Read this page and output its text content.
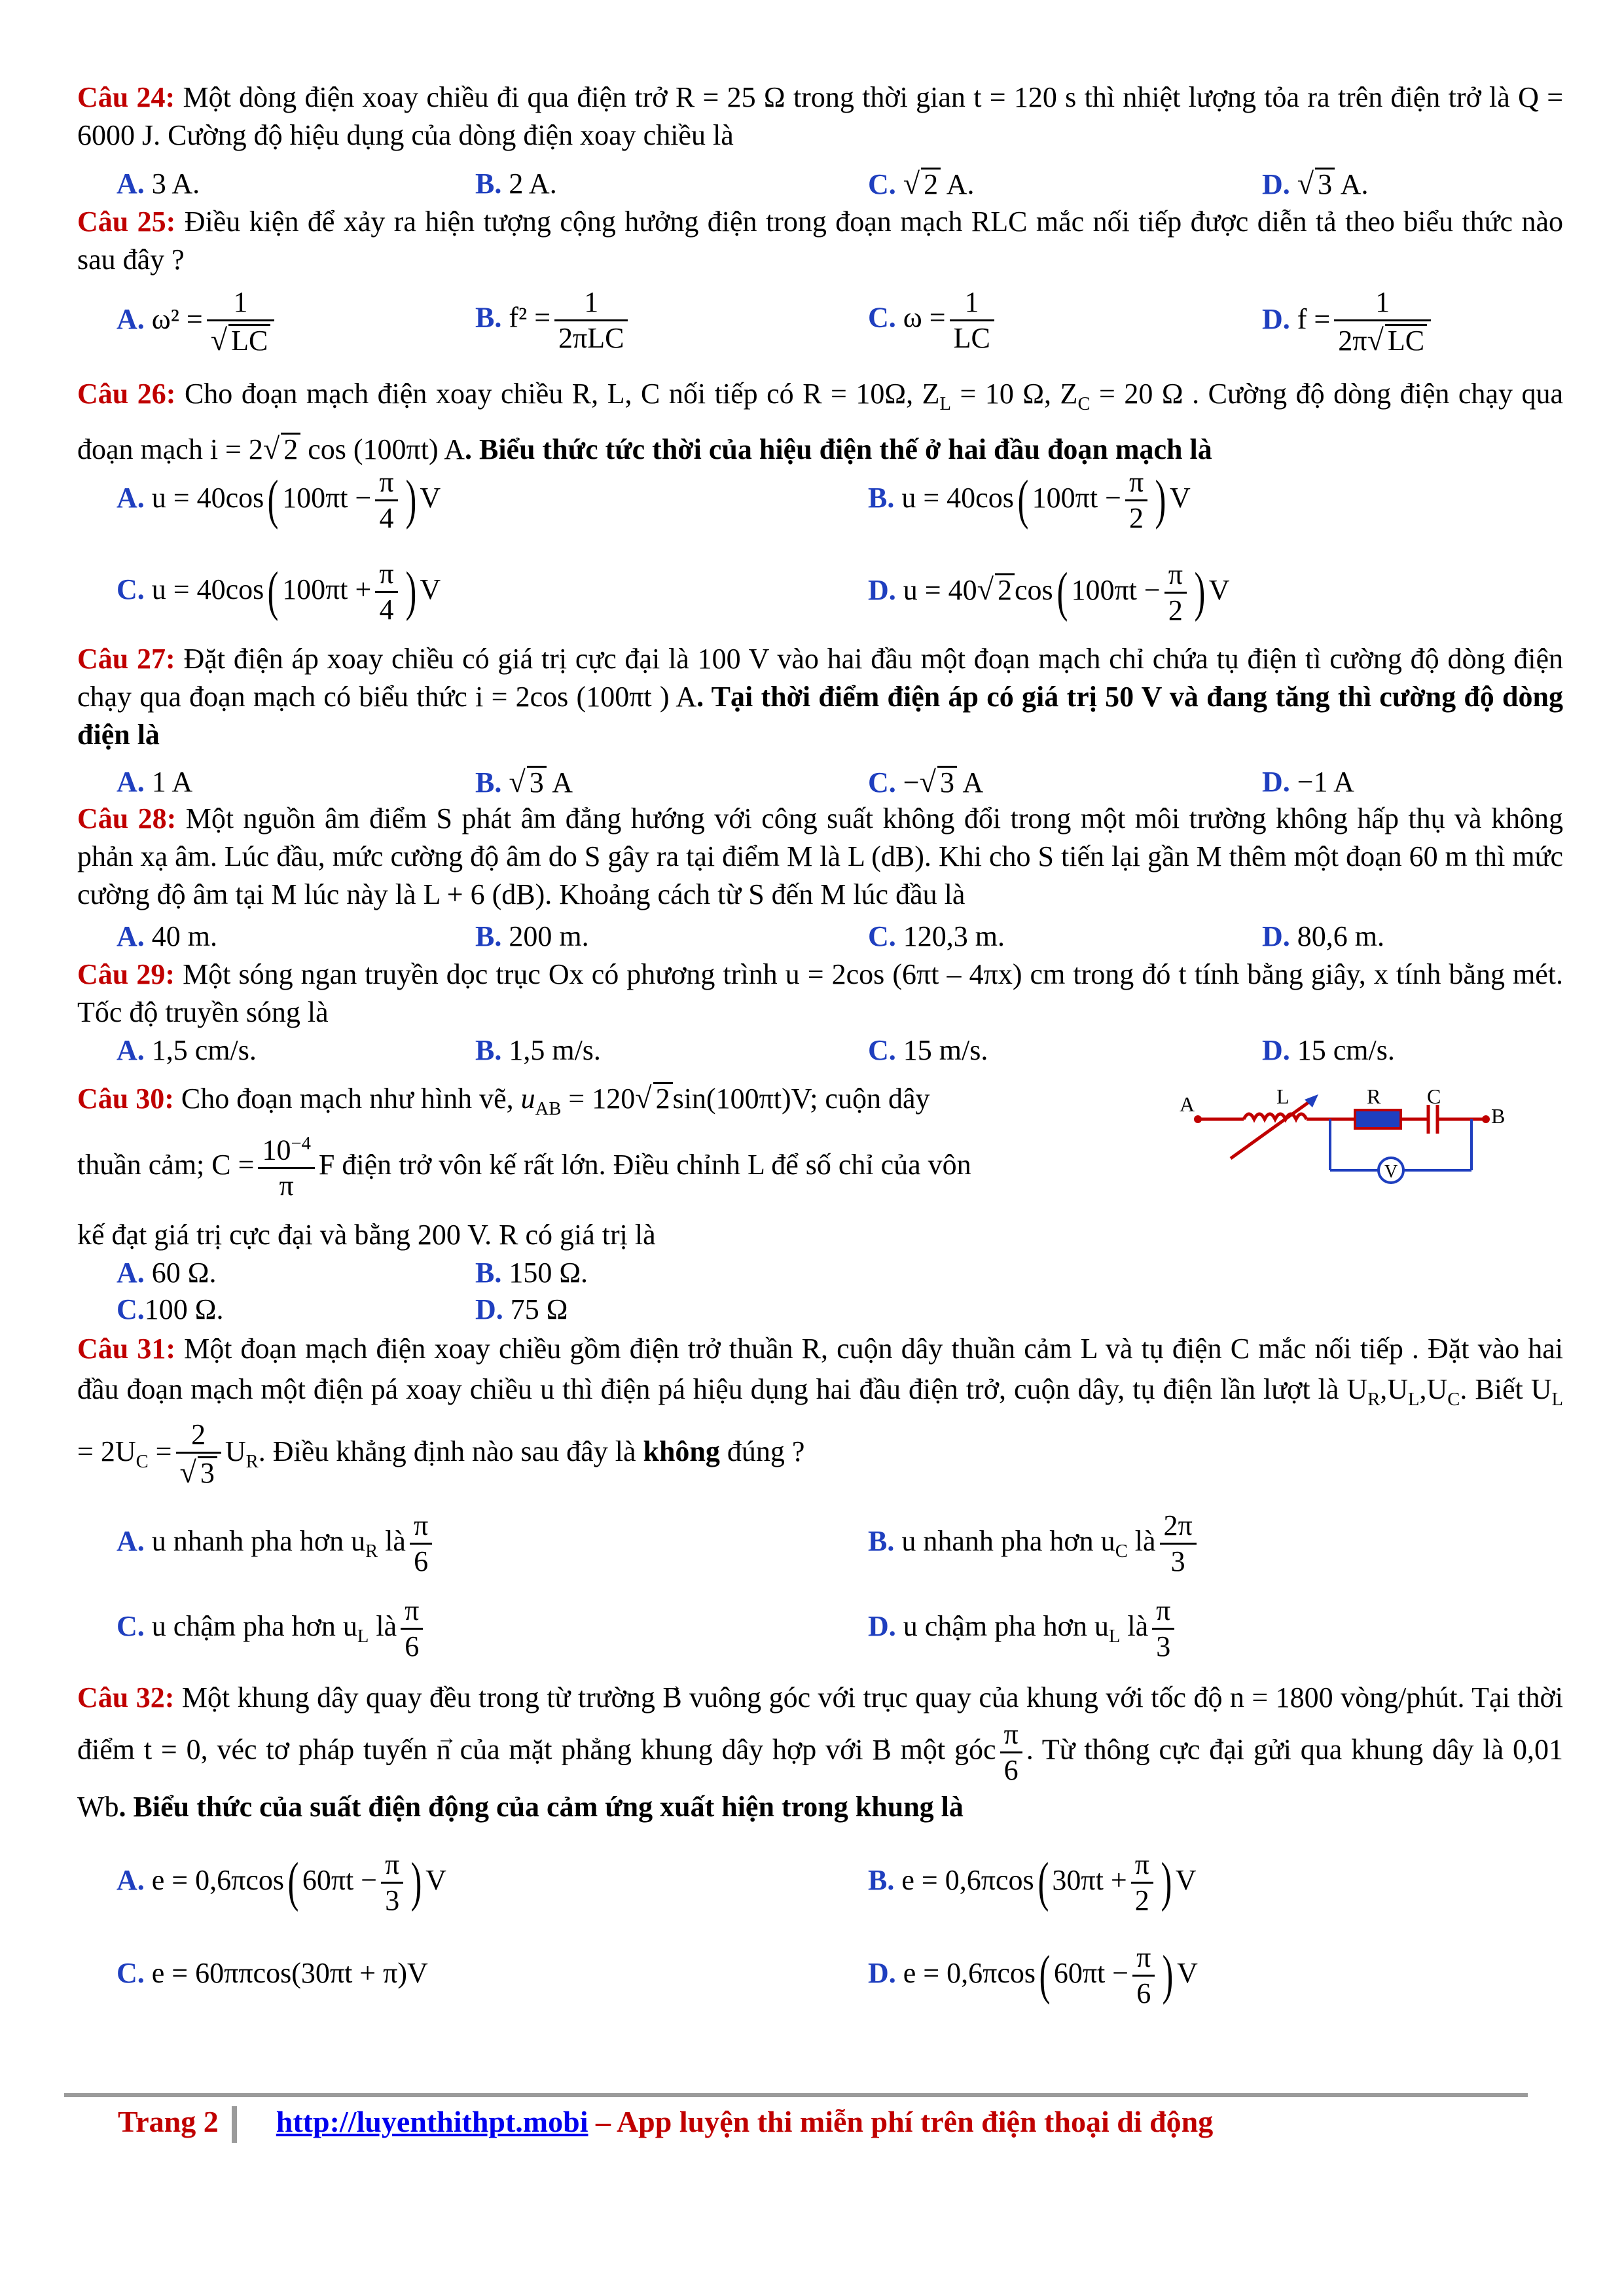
Câu 24: Một dòng điện xoay chiều đi qua điện trở R = 25 Ω trong thời gian t = 120 s thì nhiệt lượng tỏa ra trên điện trở là Q = 6000 J. Cường độ hiệu dụng của dòng điện xoay chiều là
A. 3 A.	B. 2 A.	C. √ 2 A.	D. √ 3 A.
Câu 25: Điều kiện để xảy ra hiện tượng cộng hưởng điện trong đoạn mạch RLC mắc nối tiếp được diễn tả theo biểu thức nào sau đây ?
A. $\omega^2 = \frac{1}{√ LC}$	B. $f^2 = \frac{1}{\text{2πLC}}$	C. $\omega = \frac{1}{LC}$	D. $f = \frac{1}{2\pi√ LC}$
Câu 26: Cho đoạn mạch điện xoay chiều R, L, C nối tiếp có R = 10Ω, $Z_L = 10$ Ω, $Z_C = 20$ Ω . Cường độ dòng điện chạy qua đoạn mạch i = 2√ 2 cos (100πt) A. Biểu thức tức thời của hiệu điện thế ở hai đầu đoạn mạch là
A. u = 40cos( $100\pi t - \frac{\pi}{4}$ ) V	B. u = 40cos( $100\pi t - \frac{\pi}{2}$ ) V
C. u = 40cos( $100\pi t + \frac{\pi}{4}$ ) V	D. u = 40√ 2cos( $100\pi t - \frac{\pi}{2}$ ) V
Câu 27: Đặt điện áp xoay chiều có giá trị cực đại là 100 V vào hai đầu một đoạn mạch chỉ chứa tụ điện tì cường độ dòng điện chạy qua đoạn mạch có biểu thức i = 2cos (100πt ) A. Tại thời điểm điện áp có giá trị 50 V và đang tăng thì cường độ dòng điện là
A. 1 A	B. √ 3 A	C. −√ 3 A	D. −1 A
Câu 28: Một nguồn âm điểm S phát âm đẳng hướng với công suất không đổi trong một môi trường không hấp thụ và không phản xạ âm. Lúc đầu, mức cường độ âm do S gây ra tại điểm M là L (dB). Khi cho S tiến lại gần M thêm một đoạn 60 m thì mức cường độ âm tại M lúc này là L + 6 (dB). Khoảng cách từ S đến M lúc đầu là
A. 40 m.	B. 200 m.	C. 120,3 m.	D. 80,6 m.
Câu 29: Một sóng ngan truyền dọc trục Ox có phương trình u = 2cos (6πt – 4πx) cm trong đó t tính bằng giây, x tính bằng mét. Tốc độ truyền sóng là
A. 1,5 cm/s.	B. 1,5 m/s.	C. 15 m/s.	D. 15 cm/s.
Câu 30: Cho đoạn mạch như hình vẽ, $u_{AB} = 120√$ 2sin(100πt)V; cuộn dây
thuần cảm; $C = \frac{10^{-4}}{\pi}$ F điện trở vôn kế rất lớn. Điều chỉnh L để số chỉ của vôn
kế đạt giá trị cực đại và bằng 200 V. R có giá trị là
A	B
L	R C
V
A. 60 Ω.	B. 150 Ω.
C.100 Ω.	D. 75 Ω
Câu 31: Một đoạn mạch điện xoay chiều gồm điện trở thuần R, cuộn dây thuần cảm L và tụ điện C mắc nối tiếp . Đặt vào hai đầu đoạn mạch một điện pá xoay chiều u thì điện pá hiệu dụng hai đầu điện trở, cuộn dây, tụ điện lần lượt là $U_R,U_L,U_C$. Biết $U_L = 2U_C = \frac{2}{√ 3} U_R$. Điều khẳng định nào sau đây là không đúng ?
A. u nhanh pha hơn $u_R$ là $\frac{\pi}{6}$	B. u nhanh pha hơn $u_C$ là $\frac{2\pi}{3}$
C. u chậm pha hơn $u_L$ là $\frac{\pi}{6}$	D. u chậm pha hơn $u_L$ là $\frac{\pi}{3}$
Câu 32: Một khung dây quay đều trong từ trường → B vuông góc với trục quay của khung với tốc độ n = 1800 vòng/phút. Tại thời điểm t = 0, véc tơ pháp tuyến → n của mặt phẳng khung dây hợp với → B một góc $\frac{\pi}{6}$ . Từ thông cực đại gửi qua khung dây là 0,01 Wb. Biểu thức của suất điện động của cảm ứng xuất hiện trong khung là
A. e = 0,6πcos( $60\pi t - \frac{\pi}{3}$ ) V	B. e = 0,6πcos( $30\pi t + \frac{\pi}{2}$ ) V
C. e = 60ππcos(30πt + π)V	D. e = 0,6πcos( $60\pi t - \frac{\pi}{6}$ ) V
Trang 2 http://luyenthithpt.mobi – App luyện thi miễn phí trên điện thoại di động
